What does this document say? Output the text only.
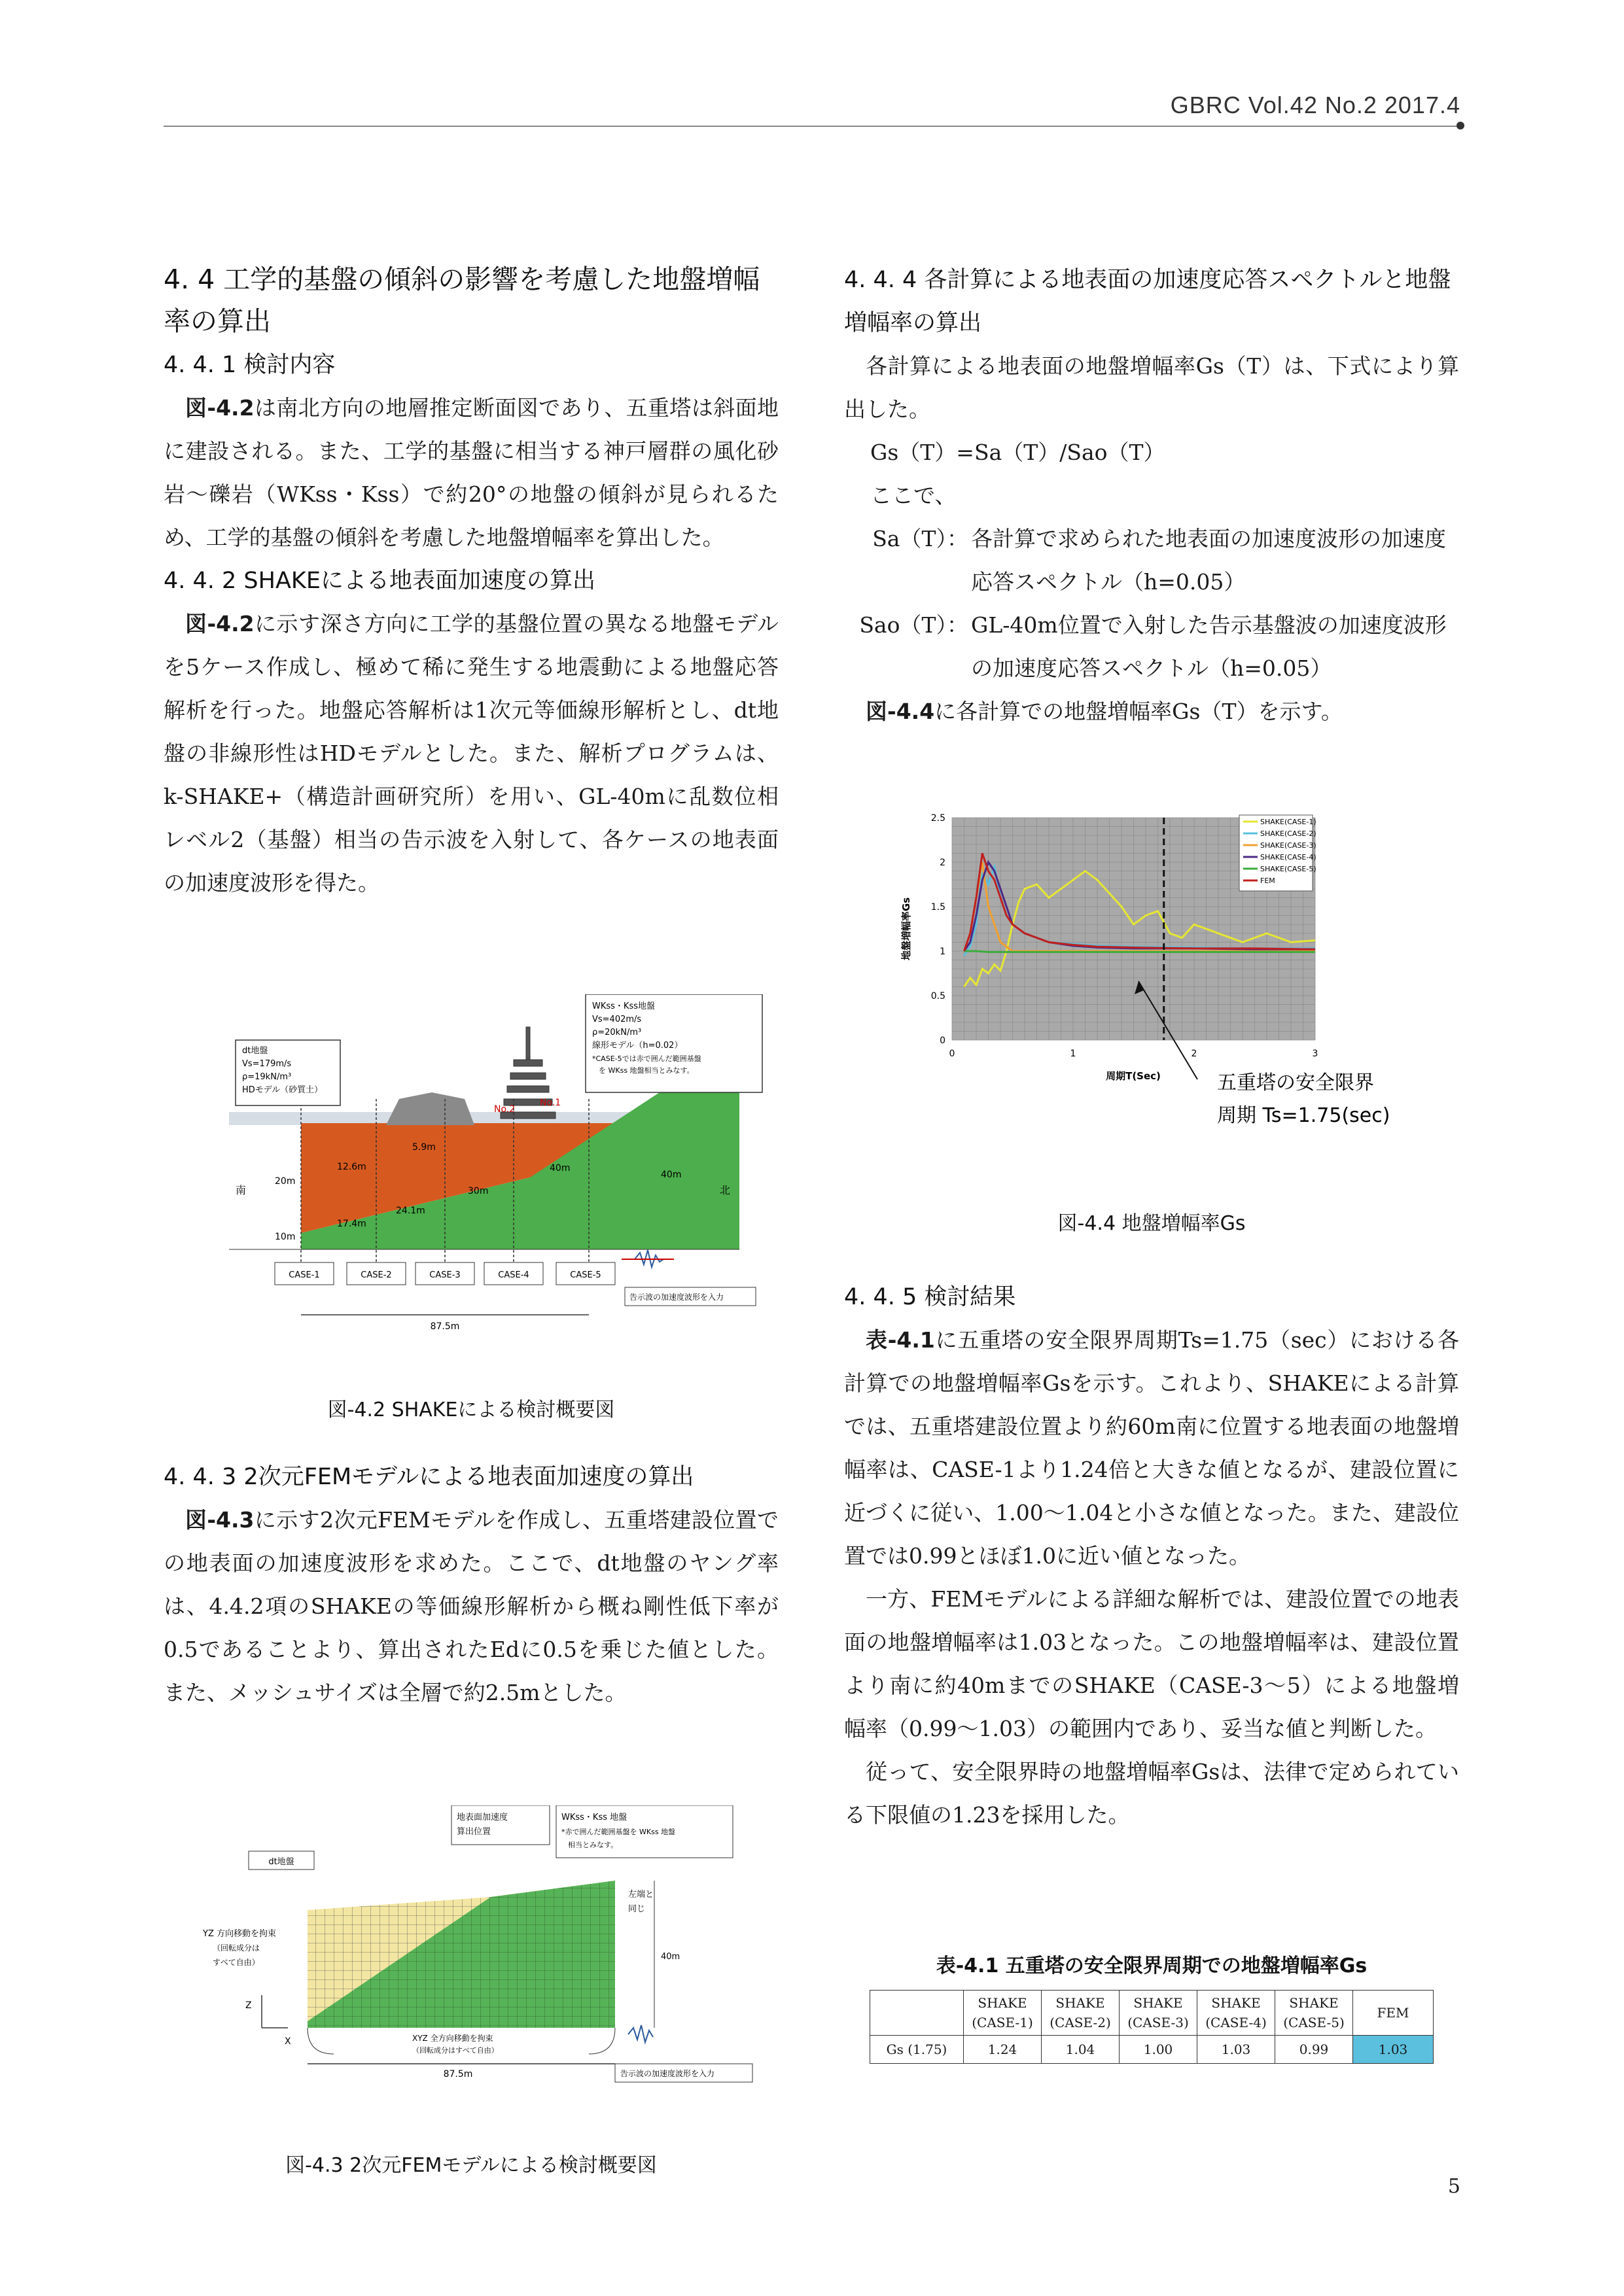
GBRC Vol.42 No.2 2017.4
4. 4 工学的基盤の傾斜の影響を考慮した地盤増幅率の算出
4. 4. 1 検討内容

図-4.2は南北方向の地層推定断面図であり、五重塔は斜面地に建設される。また、工学的基盤に相当する神戸層群の風化砂岩～礫岩（WKss・Kss）で約20°の地盤の傾斜が見られるため、工学的基盤の傾斜を考慮した地盤増幅率を算出した。

4. 4. 2 SHAKEによる地表面加速度の算出

図-4.2に示す深さ方向に工学的基盤位置の異なる地盤モデルを5ケース作成し、極めて稀に発生する地震動による地盤応答解析を行った。地盤応答解析は1次元等価線形解析とし、dt地盤の非線形性はHDモデルとした。また、解析プログラムは、k-SHAKE+（構造計画研究所）を用い、GL-40mに乱数位相レベル2（基盤）相当の告示波を入射して、各ケースの地表面の加速度波形を得た。

dt地盤
Vs=179m/s
ρ=19kN/m³
HDモデル（砂質土）
WKss・Kss地盤
Vs=402m/s
ρ=20kN/m³
線形モデル（h=0.02）
*CASE-5では赤で囲んだ範囲基盤
を WKss 地盤相当とみなす。
No.2
No.1
南	北
20m
10m
40m
12.6m
5.9m
17.4m
24.1m
30m
40m
CASE-1	CASE-2	CASE-3	CASE-4	CASE-5
告示波の加速度波形を入力
87.5m
図-4.2 SHAKEによる検討概要図
4. 4. 3 2次元FEMモデルによる地表面加速度の算出

図-4.3に示す2次元FEMモデルを作成し、五重塔建設位置での地表面の加速度波形を求めた。ここで、dt地盤のヤング率は、4.4.2項のSHAKEの等価線形解析から概ね剛性低下率が0.5であることより、算出されたEdに0.5を乗じた値とした。また、メッシュサイズは全層で約2.5mとした。

87.5m
dt地盤
地表面加速度
算出位置
WKss・Kss 地盤
*赤で囲んだ範囲基盤を WKss 地盤
相当とみなす。
YZ 方向移動を拘束
（回転成分は
すべて自由）
左端と
同じ
40m
XYZ 全方向移動を拘束
（回転成分はすべて自由）
告示波の加速度波形を入力
Z
X
図-4.3 2次元FEMモデルによる検討概要図
4. 4. 4 各計算による地表面の加速度応答スペクトルと地盤増幅率の算出

各計算による地表面の地盤増幅率Gs（T）は、下式により算出した。

Gs（T）=Sa（T）/Sao（T）
ここで、
Sa（T）： 各計算で求められた地表面の加速度波形の加速度応答スペクトル（h=0.05）
Sao（T）： GL-40m位置で入射した告示基盤波の加速度波形の加速度応答スペクトル（h=0.05）

図-4.4に各計算での地盤増幅率Gs（T）を示す。

0	1	2	3
0
0.5
1
1.5
2
2.5	SHAKE(CASE-1)
SHAKE(CASE-2)
SHAKE(CASE-3)
SHAKE(CASE-4)
SHAKE(CASE-5)
FEM
周期T(Sec)
地盤増幅率Gs
五重塔の安全限界
周期 Ts=1.75(sec)
図-4.4 地盤増幅率Gs
4. 4. 5 検討結果

表-4.1に五重塔の安全限界周期Ts=1.75（sec）における各計算での地盤増幅率Gsを示す。これより、SHAKEによる計算では、五重塔建設位置より約60m南に位置する地表面の地盤増幅率は、CASE-1より1.24倍と大きな値となるが、建設位置に近づくに従い、1.00～1.04と小さな値となった。また、建設位置では0.99とほぼ1.0に近い値となった。

一方、FEMモデルによる詳細な解析では、建設位置での地表面の地盤増幅率は1.03となった。この地盤増幅率は、建設位置より南に約40mまでのSHAKE（CASE-3～5）による地盤増幅率（0.99～1.03）の範囲内であり、妥当な値と判断した。

従って、安全限界時の地盤増幅率Gsは、法律で定められている下限値の1.23を採用した。

表-4.1 五重塔の安全限界周期での地盤増幅率Gs
	SHAKE
(CASE-1)	SHAKE
(CASE-2)	SHAKE
(CASE-3)	SHAKE
(CASE-4)	SHAKE
(CASE-5)	FEM

Gs (1.75)	1.24	1.04	1.00	1.03	0.99	1.03
5
